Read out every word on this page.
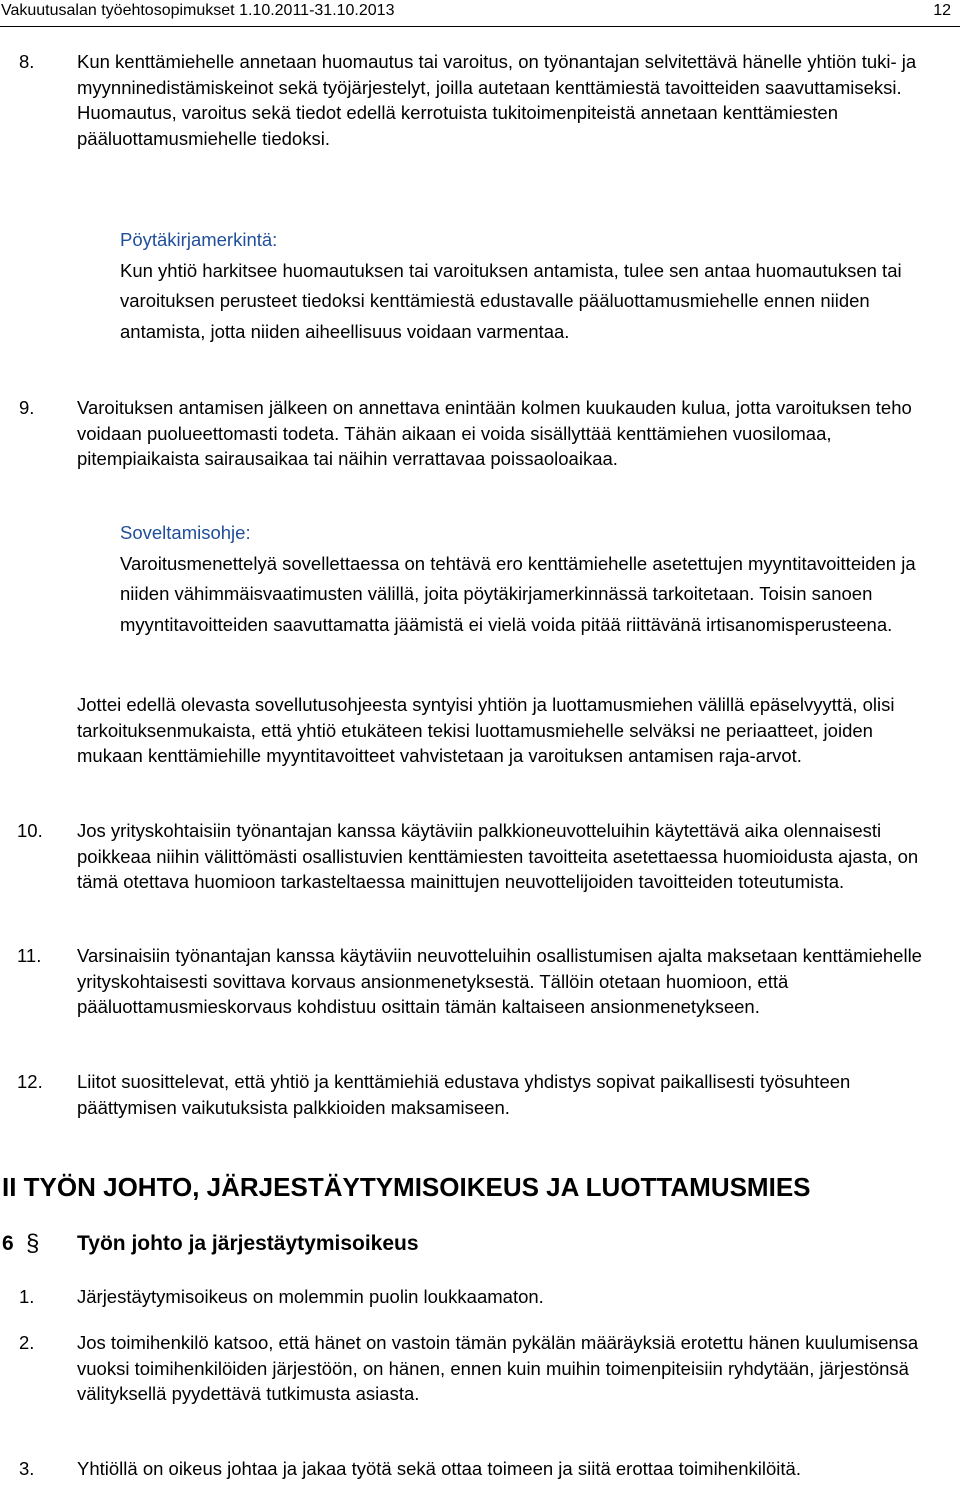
Vakuutusalan työehtosopimukset 1.10.2011-31.10.2013	12
8. Kun kenttämiehelle annetaan huomautus tai varoitus, on työnantajan selvitettävä hänelle yhtiön tuki- ja myynninedistämiskeinot sekä työjärjestelyt, joilla autetaan kenttämiestä tavoitteiden saavuttamiseksi. Huomautus, varoitus sekä tiedot edellä kerrotuista tukitoimenpiteistä annetaan kenttämiesten pääluottamusmiehelle tiedoksi.
Pöytäkirjamerkintä:
Kun yhtiö harkitsee huomautuksen tai varoituksen antamista, tulee sen antaa huomautuksen tai varoituksen perusteet tiedoksi kenttämiestä edustavalle pääluottamusmiehelle ennen niiden antamista, jotta niiden aiheellisuus voidaan varmentaa.
9. Varoituksen antamisen jälkeen on annettava enintään kolmen kuukauden kulua, jotta varoituksen teho voidaan puolueettomasti todeta. Tähän aikaan ei voida sisällyttää kenttämiehen vuosilomaa, pitempiaikaista sairausaikaa tai näihin verrattavaa poissaoloaikaa.
Soveltamisohje:
Varoitusmenettelyä sovellettaessa on tehtävä ero kenttämiehelle asetettujen myyntitavoitteiden ja niiden vähimmäisvaatimusten välillä, joita pöytäkirjamerkinnässä tarkoitetaan. Toisin sanoen myyntitavoitteiden saavuttamatta jäämistä ei vielä voida pitää riittävänä irtisanomisperusteena.
Jottei edellä olevasta sovellutusohjeesta syntyisi yhtiön ja luottamusmiehen välillä epäselvyyttä, olisi tarkoituksenmukaista, että yhtiö etukäteen tekisi luottamusmiehelle selväksi ne periaatteet, joiden mukaan kenttämiehille myyntitavoitteet vahvistetaan ja varoituksen antamisen raja-arvot.
10. Jos yrityskohtaisiin työnantajan kanssa käytäviin palkkioneuvotteluihin käytettävä aika olennaisesti poikkeaa niihin välittömästi osallistuvien kenttämiesten tavoitteita asetettaessa huomioidusta ajasta, on tämä otettava huomioon tarkasteltaessa mainittujen neuvottelijoiden tavoitteiden toteutumista.
11. Varsinaisiin työnantajan kanssa käytäviin neuvotteluihin osallistumisen ajalta maksetaan kenttämiehelle yrityskohtaisesti sovittava korvaus ansionmenetyksestä. Tällöin otetaan huomioon, että pääluottamusmieskorvaus kohdistuu osittain tämän kaltaiseen ansionmenetykseen.
12. Liitot suosittelevat, että yhtiö ja kenttämiehiä edustava yhdistys sopivat paikallisesti työsuhteen päättymisen vaikutuksista palkkioiden maksamiseen.
II TYÖN JOHTO, JÄRJESTÄYTYMISOIKEUS JA LUOTTAMUSMIES
6 § Työn johto ja järjestäytymisoikeus
1. Järjestäytymisoikeus on molemmin puolin loukkaamaton.
2. Jos toimihenkilö katsoo, että hänet on vastoin tämän pykälän määräyksiä erotettu hänen kuulumisensa vuoksi toimihenkilöiden järjestöön, on hänen, ennen kuin muihin toimenpiteisiin ryhdytään, järjestönsä välityksellä pyydettävä tutkimusta asiasta.
3. Yhtiöllä on oikeus johtaa ja jakaa työtä sekä ottaa toimeen ja siitä erottaa toimihenkilöitä.
